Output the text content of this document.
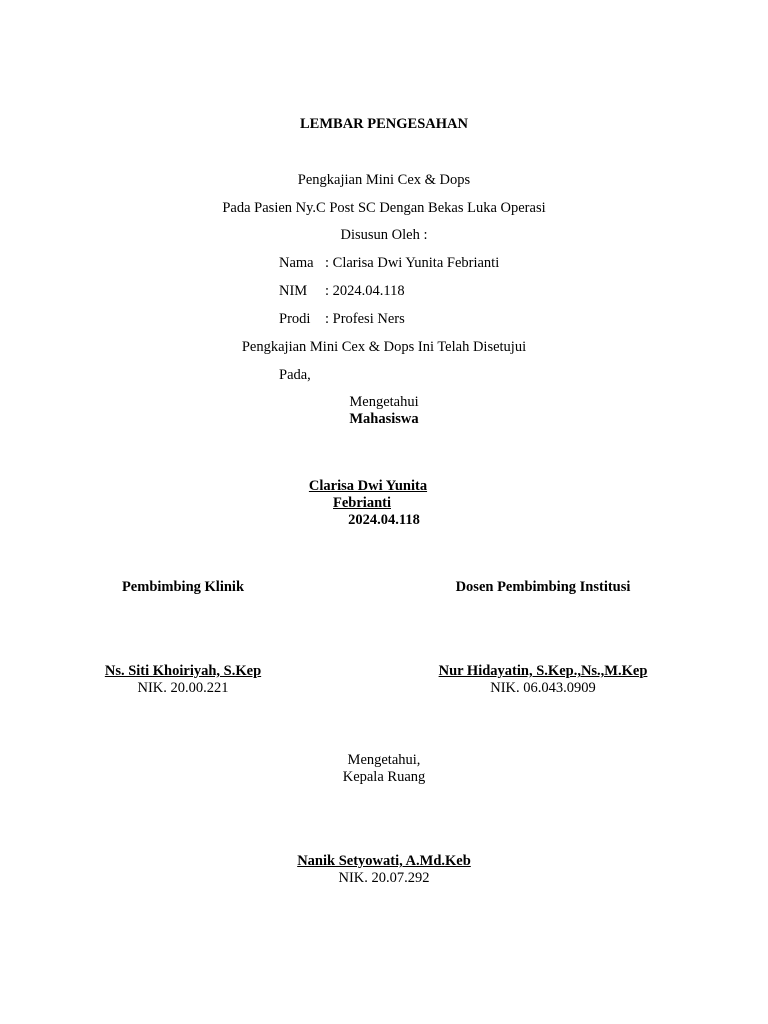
LEMBAR PENGESAHAN
Pengkajian Mini Cex & Dops
Pada Pasien Ny.C Post SC Dengan Bekas Luka Operasi
Disusun Oleh :
Nama : Clarisa Dwi Yunita Febrianti
NIM : 2024.04.118
Prodi : Profesi Ners
Pengkajian Mini Cex & Dops Ini Telah Disetujui
Pada,
Mengetahui
Mahasiswa
Clarisa Dwi Yunita
Febrianti
2024.04.118
Pembimbing Klinik	Dosen Pembimbing Institusi
Ns. Siti Khoiriyah, S.Kep
NIK. 20.00.221
Nur Hidayatin, S.Kep.,Ns.,M.Kep
NIK. 06.043.0909
Mengetahui,
Kepala Ruang
Nanik Setyowati, A.Md.Keb
NIK. 20.07.292
